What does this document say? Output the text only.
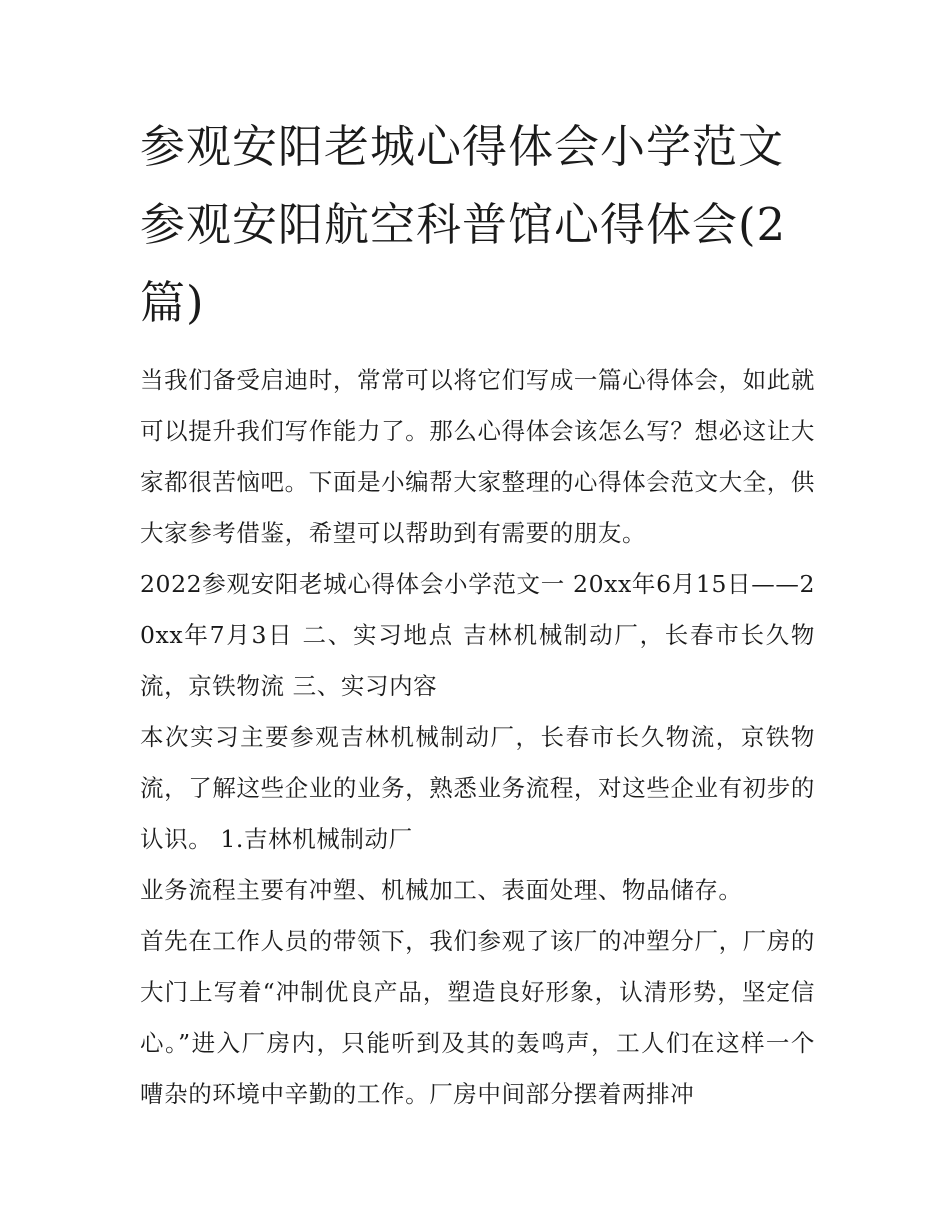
参观安阳老城心得体会小学范文 参观安阳航空科普馆心得体会(2篇)

当我们备受启迪时，常常可以将它们写成一篇心得体会，如此就可以提升我们写作能力了。那么心得体会该怎么写？想必这让大家都很苦恼吧。下面是小编帮大家整理的心得体会范文大全，供大家参考借鉴，希望可以帮助到有需要的朋友。

2022参观安阳老城心得体会小学范文一 20xx年6月15日——20xx年7月3日 二、实习地点 吉林机械制动厂，长春市长久物流，京铁物流 三、实习内容

本次实习主要参观吉林机械制动厂，长春市长久物流，京铁物流，了解这些企业的业务，熟悉业务流程，对这些企业有初步的认识。 1.吉林机械制动厂

业务流程主要有冲塑、机械加工、表面处理、物品储存。

首先在工作人员的带领下，我们参观了该厂的冲塑分厂，厂房的大门上写着“冲制优良产品，塑造良好形象，认清形势，坚定信心。”进入厂房内，只能听到及其的轰鸣声，工人们在这样一个嘈杂的环境中辛勤的工作。厂房中间部分摆着两排冲
